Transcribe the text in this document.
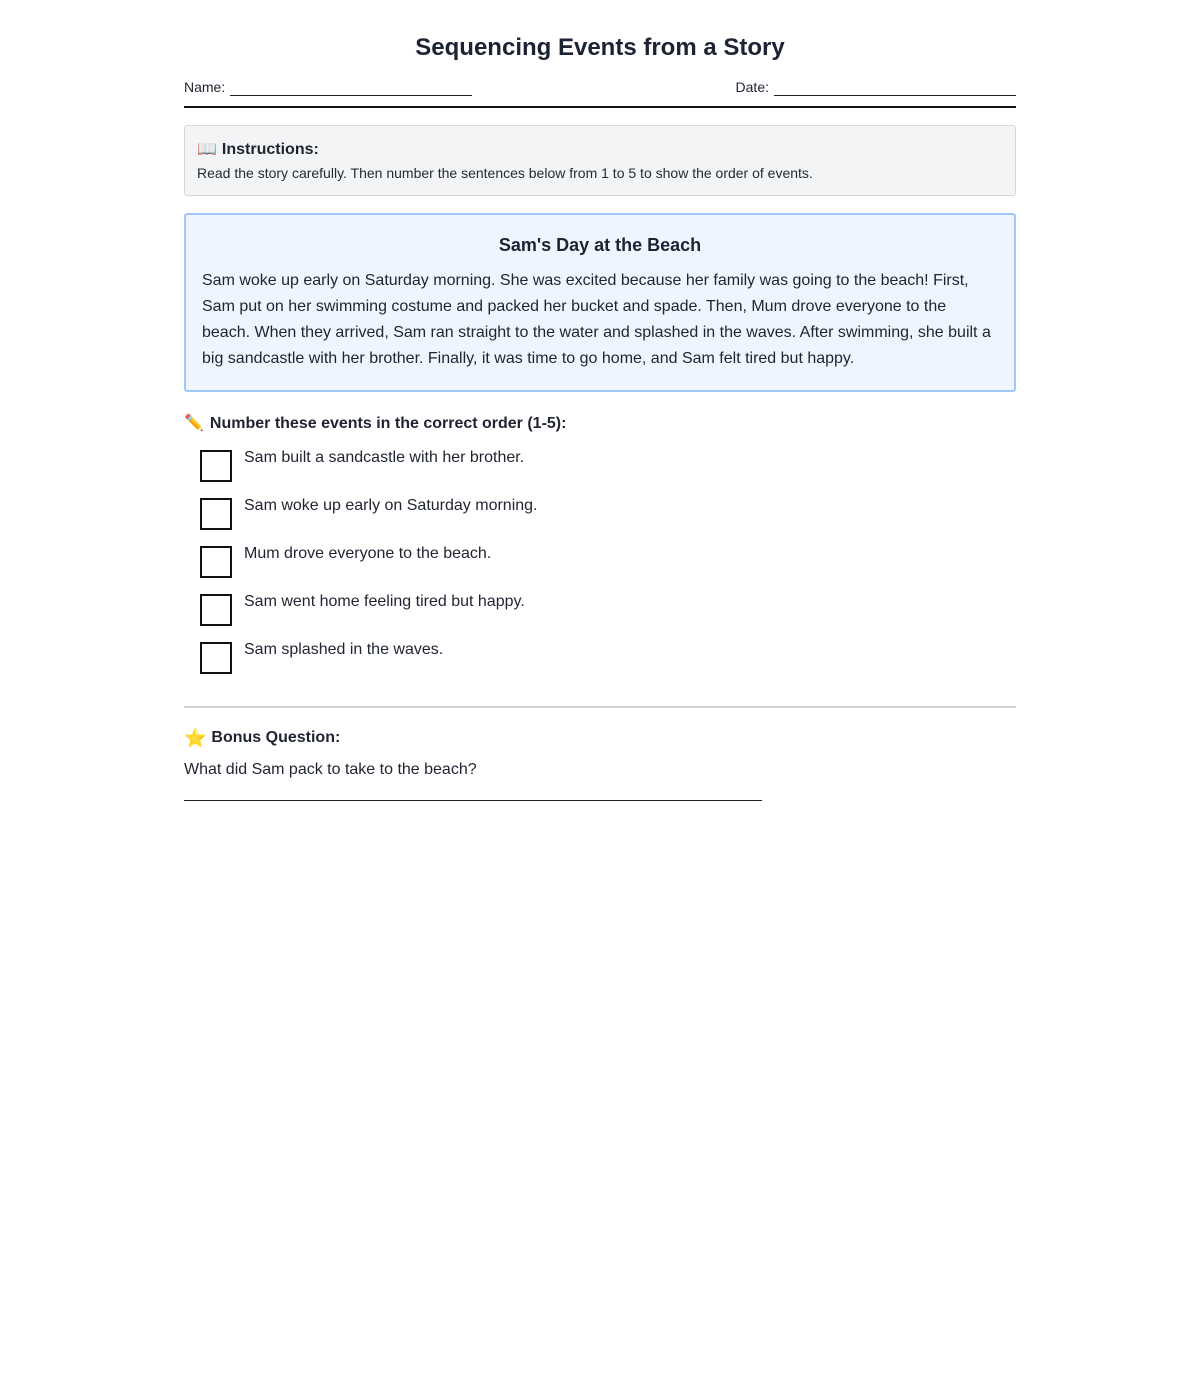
Sequencing Events from a Story
Name:	Date:
📖 Instructions:
Read the story carefully. Then number the sentences below from 1 to 5 to show the order of events.
Sam's Day at the Beach

Sam woke up early on Saturday morning. She was excited because her family was going to the beach! First, Sam put on her swimming costume and packed her bucket and spade. Then, Mum drove everyone to the beach. When they arrived, Sam ran straight to the water and splashed in the waves. After swimming, she built a big sandcastle with her brother. Finally, it was time to go home, and Sam felt tired but happy.

✏️ Number these events in the correct order (1-5):
Sam built a sandcastle with her brother.
Sam woke up early on Saturday morning.
Mum drove everyone to the beach.
Sam went home feeling tired but happy.
Sam splashed in the waves.
⭐ Bonus Question:
What did Sam pack to take to the beach?
